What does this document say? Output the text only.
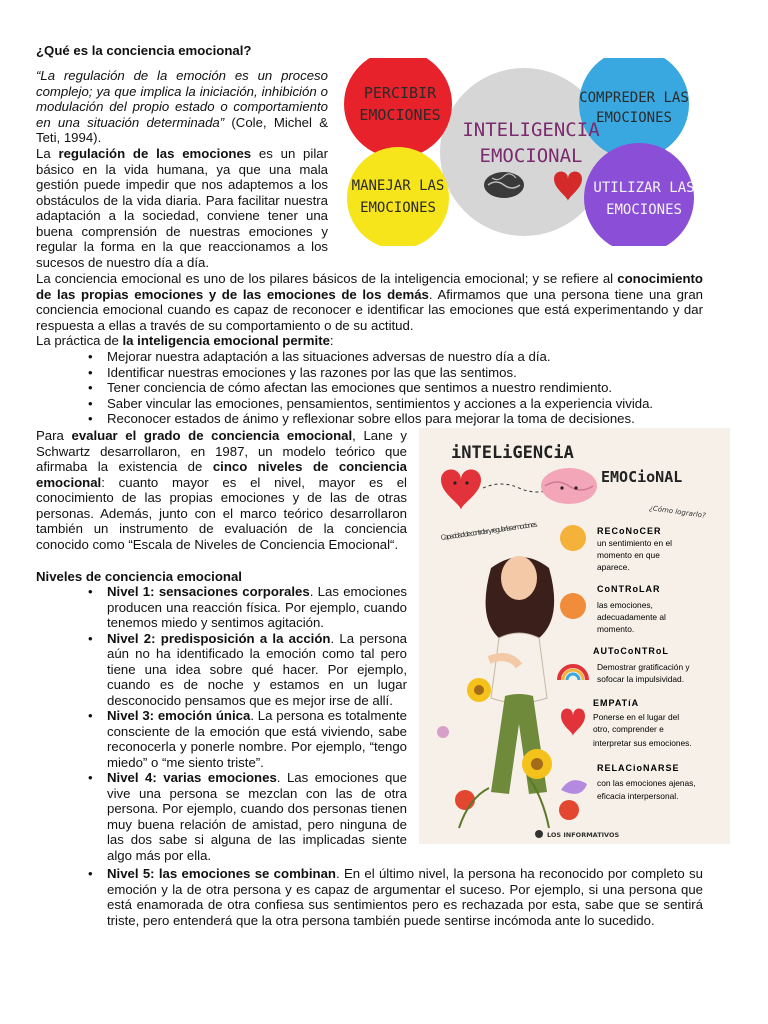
¿Qué es la conciencia emocional?
“La regulación de la emoción es un proceso complejo; ya que implica la iniciación, inhibición o modulación del propio estado o comportamiento en una situación determinada” (Cole, Michel & Teti, 1994).
La regulación de las emociones es un pilar básico en la vida humana, ya que una mala gestión puede impedir que nos adaptemos a los obstáculos de la vida diaria. Para facilitar nuestra adaptación a la sociedad, conviene tener una buena comprensión de nuestras emociones y regular la forma en la que reaccionamos a los sucesos de nuestro día a día.
PERCIBIR
EMOCIONES
COMPREDER LAS
EMOCIONES
MANEJAR LAS
EMOCIONES
UTILIZAR LAS
EMOCIONES
INTELIGENCIA
EMOCIONAL
La conciencia emocional es uno de los pilares básicos de la inteligencia emocional; y se refiere al conocimiento de las propias emociones y de las emociones de los demás. Afirmamos que una persona tiene una gran conciencia emocional cuando es capaz de reconocer e identificar las emociones que está experimentando y dar respuesta a ellas a través de su comportamiento o de su actitud.
La práctica de la inteligencia emocional permite:
• Mejorar nuestra adaptación a las situaciones adversas de nuestro día a día.
• Identificar nuestras emociones y las razones por las que las sentimos.
• Tener conciencia de cómo afectan las emociones que sentimos a nuestro rendimiento.
• Saber vincular las emociones, pensamientos, sentimientos y acciones a la experiencia vivida.
• Reconocer estados de ánimo y reflexionar sobre ellos para mejorar la toma de decisiones.
Para evaluar el grado de conciencia emocional, Lane y Schwartz desarrollaron, en 1987, un modelo teórico que afirmaba la existencia de cinco niveles de conciencia emocional: cuanto mayor es el nivel, mayor es el conocimiento de las propias emociones y de las de otras personas. Además, junto con el marco teórico desarrollaron también un instrumento de evaluación de la conciencia conocido como “Escala de Niveles de Conciencia Emocional“.
Niveles de conciencia emocional
• Nivel 1: sensaciones corporales. Las emociones producen una reacción física. Por ejemplo, cuando tenemos miedo y sentimos agitación.
• Nivel 2: predisposición a la acción. La persona aún no ha identificado la emoción como tal pero tiene una idea sobre qué hacer. Por ejemplo, cuando es de noche y estamos en un lugar desconocido pensamos que es mejor irse de allí.
• Nivel 3: emoción única. La persona es totalmente consciente de la emoción que está viviendo, sabe reconocerla y ponerle nombre. Por ejemplo, “tengo miedo” o “me siento triste”.
• Nivel 4: varias emociones. Las emociones que vive una persona se mezclan con las de otra persona. Por ejemplo, cuando dos personas tienen muy buena relación de amistad, pero ninguna de las dos sabe si alguna de las implicadas siente algo más por ella.
• Nivel 5: las emociones se combinan. En el último nivel, la persona ha reconocido por completo su emoción y la de otra persona y es capaz de argumentar el suceso. Por ejemplo, si una persona que está enamorada de otra confiesa sus sentimientos pero es rechazada por esta, sabe que se sentirá triste, pero entenderá que la otra persona también puede sentirse incómoda ante lo sucedido.
iNTELiGENCiA
EMOCioNAL
¿Cómo lograrlo?
Capacidad de controlar y regular las emociones.
RECoNoCER
un sentimiento en el
momento en que
aparece.
CoNTRoLAR
las emociones,
adecuadamente al
momento.
AUToCoNTRoL
Demostrar gratificación y
sofocar la impulsividad.
EMPATíA
Ponerse en el lugar del
otro, comprender e
interpretar sus emociones.
RELACioNARSE
con las emociones ajenas,
eficacia interpersonal.
LOS INFORMATIVOS
